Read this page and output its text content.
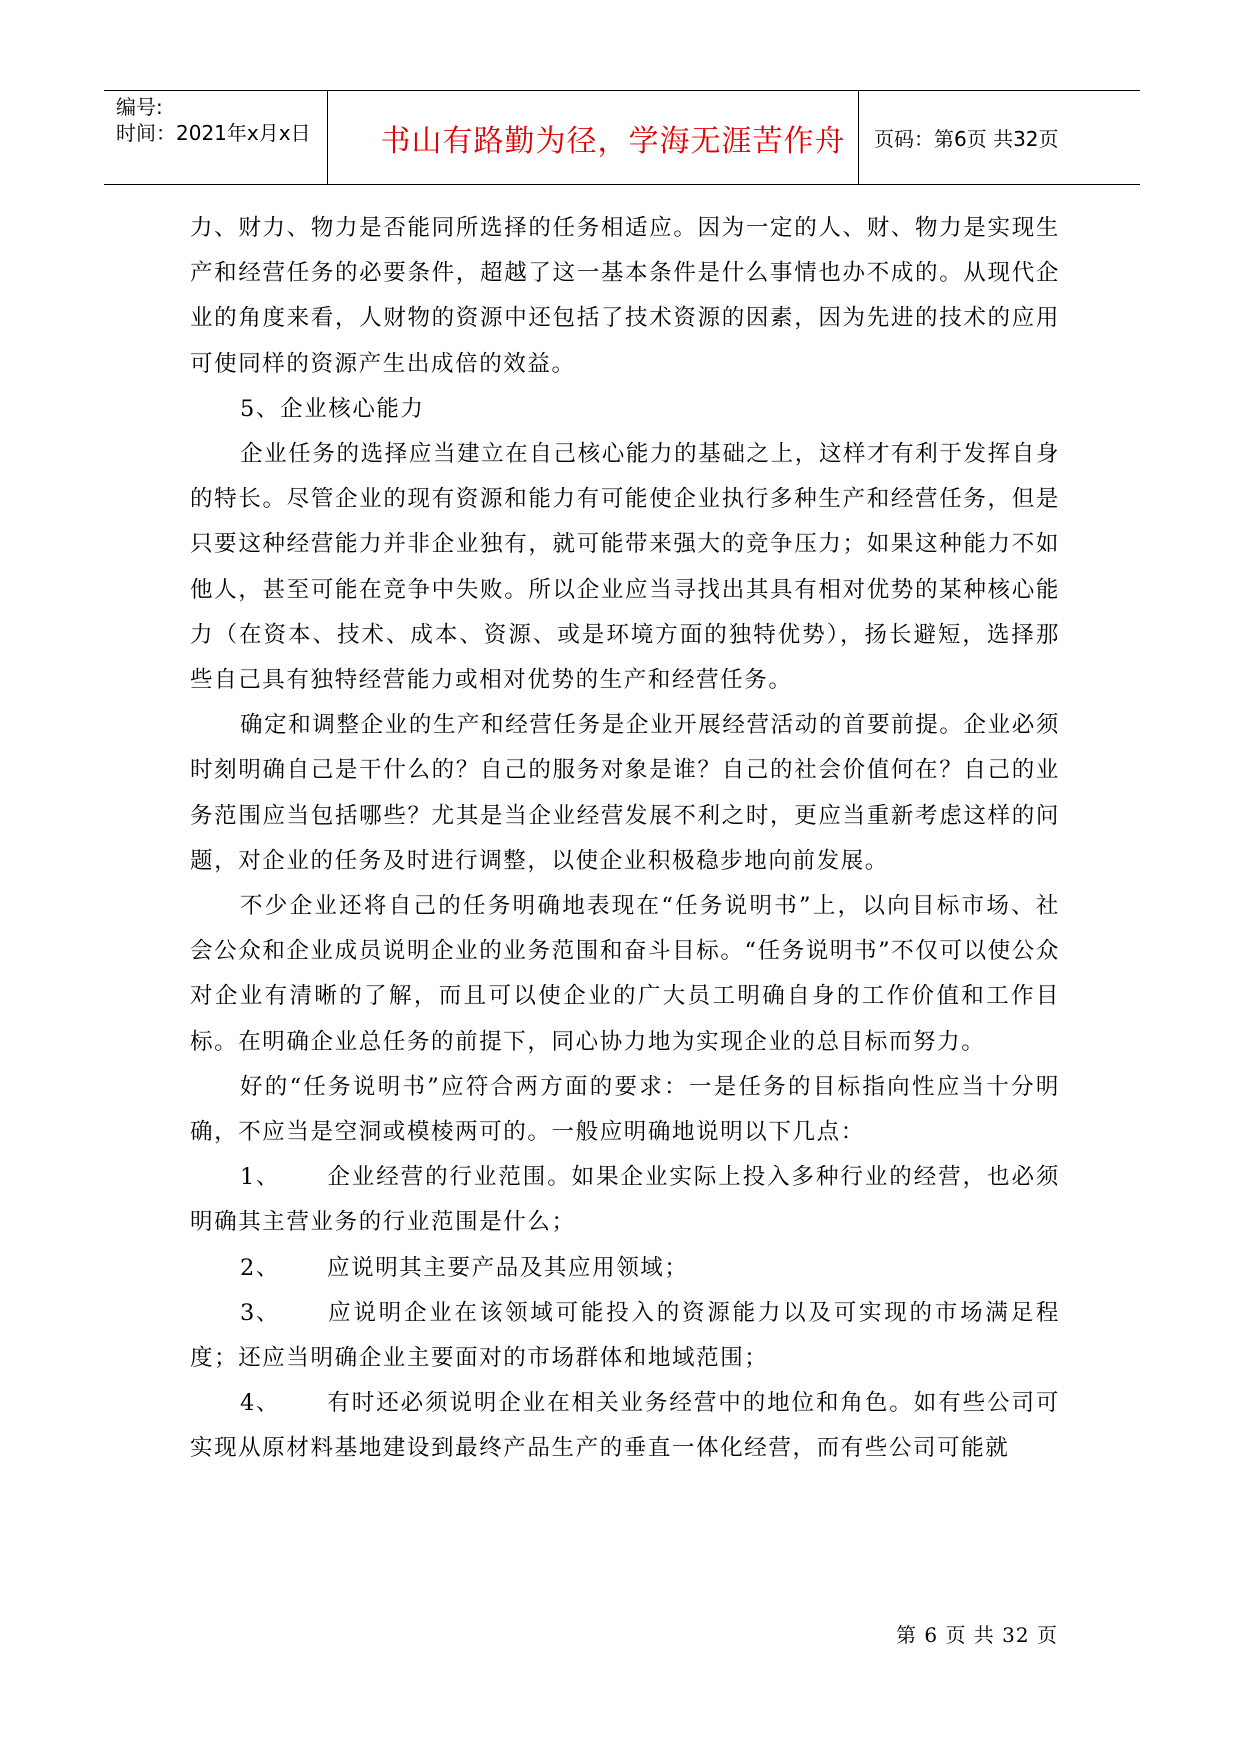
编号:
时间：2021年x月x日	书山有路勤为径，学海无涯苦作舟	页码：第6页 共32页

力、财力、物力是否能同所选择的任务相适应。因为一定的人、财、物力是实现生产和经营任务的必要条件，超越了这一基本条件是什么事情也办不成的。从现代企业的角度来看，人财物的资源中还包括了技术资源的因素，因为先进的技术的应用可使同样的资源产生出成倍的效益。

5、企业核心能力

企业任务的选择应当建立在自己核心能力的基础之上，这样才有利于发挥自身的特长。尽管企业的现有资源和能力有可能使企业执行多种生产和经营任务，但是只要这种经营能力并非企业独有，就可能带来强大的竞争压力；如果这种能力不如他人，甚至可能在竞争中失败。所以企业应当寻找出其具有相对优势的某种核心能力（在资本、技术、成本、资源、或是环境方面的独特优势），扬长避短，选择那些自己具有独特经营能力或相对优势的生产和经营任务。

确定和调整企业的生产和经营任务是企业开展经营活动的首要前提。企业必须时刻明确自己是干什么的？自己的服务对象是谁？自己的社会价值何在？自己的业务范围应当包括哪些？尤其是当企业经营发展不利之时，更应当重新考虑这样的问题，对企业的任务及时进行调整，以使企业积极稳步地向前发展。

不少企业还将自己的任务明确地表现在“任务说明书”上，以向目标市场、社会公众和企业成员说明企业的业务范围和奋斗目标。“任务说明书”不仅可以使公众对企业有清晰的了解，而且可以使企业的广大员工明确自身的工作价值和工作目标。在明确企业总任务的前提下，同心协力地为实现企业的总目标而努力。

好的“任务说明书”应符合两方面的要求：一是任务的目标指向性应当十分明确，不应当是空洞或模棱两可的。一般应明确地说明以下几点：

1、 企业经营的行业范围。如果企业实际上投入多种行业的经营，也必须明确其主营业务的行业范围是什么；

2、 应说明其主要产品及其应用领域；

3、 应说明企业在该领域可能投入的资源能力以及可实现的市场满足程度；还应当明确企业主要面对的市场群体和地域范围；

4、 有时还必须说明企业在相关业务经营中的地位和角色。如有些公司可实现从原材料基地建设到最终产品生产的垂直一体化经营，而有些公司可能就

第 6 页 共 32 页
